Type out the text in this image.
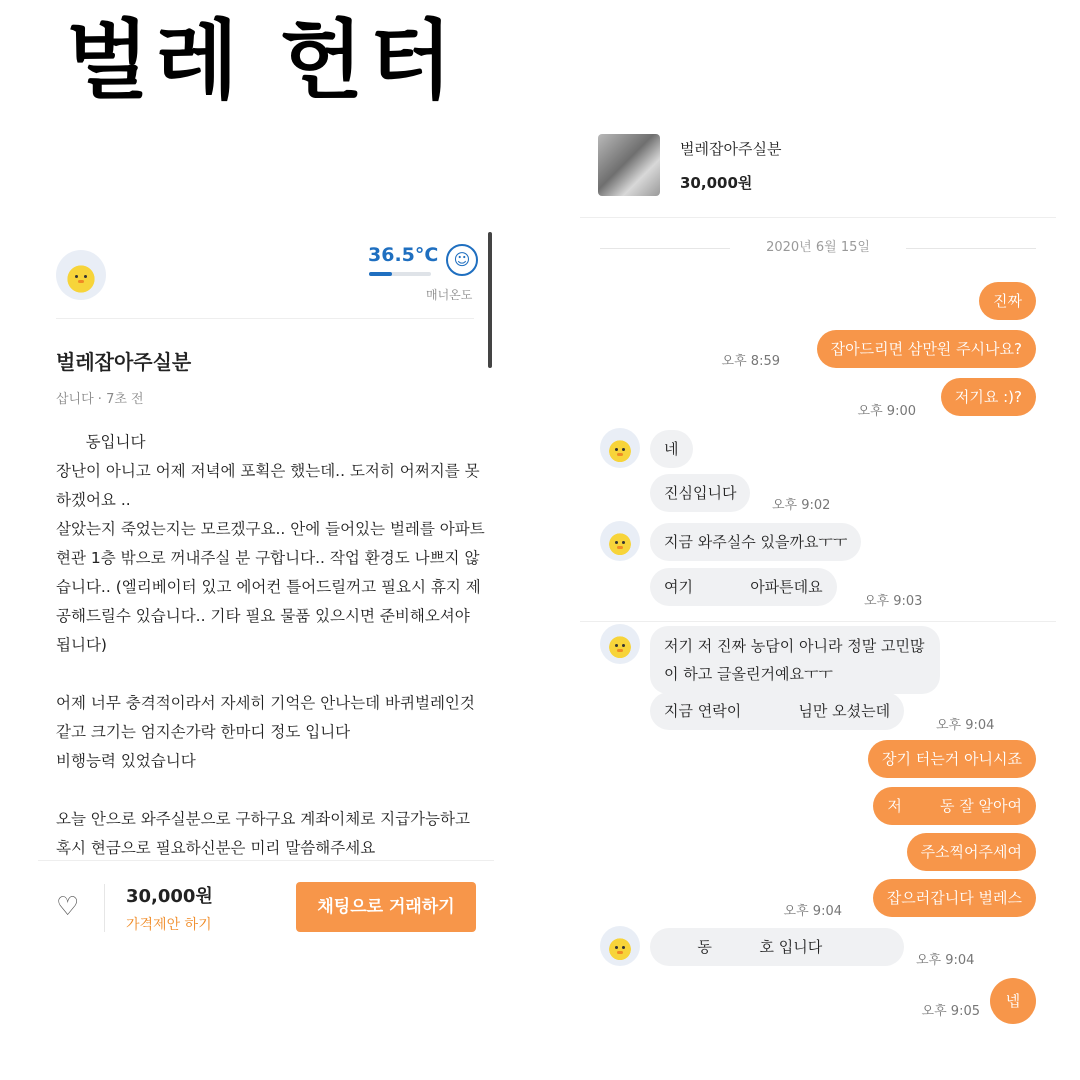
벌레 헌터
36.5°C ☺
매너온도
벌레잡아주실분
삽니다 · 7초 전

동입니다
장난이 아니고 어제 저녁에 포획은 했는데.. 도저히 어쩌지를 못하겠어요 ..
살았는지 죽었는지는 모르겠구요.. 안에 들어있는 벌레를 아파트 현관 1층 밖으로 꺼내주실 분 구합니다.. 작업 환경도 나쁘지 않습니다.. (엘리베이터 있고 에어컨 틀어드릴꺼고 필요시 휴지 제공해드릴수 있습니다.. 기타 필요 물품 있으시면 준비해오셔야 됩니다)

어제 너무 충격적이라서 자세히 기억은 안나는데 바퀴벌레인것 같고 크기는 엄지손가락 한마디 정도 입니다
비행능력 있었습니다

오늘 안으로 와주실분으로 구하구요 계좌이체로 지급가능하고 혹시 현금으로 필요하신분은 미리 말씀해주세요

♡	30,000원
가격제안 하기
채팅으로 거래하기
벌레잡아주실분
30,000원
2020년 6월 15일
진짜
잡아드리면 삼만원 주시나요?
오후 8:59
저기요 :)?
오후 9:00
네
진심입니다
오후 9:02
지금 와주실수 있을까요ㅜㅜ
여기            아파튼데요
오후 9:03
저기 저 진짜 농담이 아니라 정말 고민많이 하고 글올린거예요ㅜㅜ
지금 연락이            님만 오셨는데
오후 9:04
장기 터는거 아니시죠
저        동 잘 알아여
주소찍어주세여
잡으러갑니다 벌레스
오후 9:04
동          호 입니다
오후 9:04
넵
오후 9:05
